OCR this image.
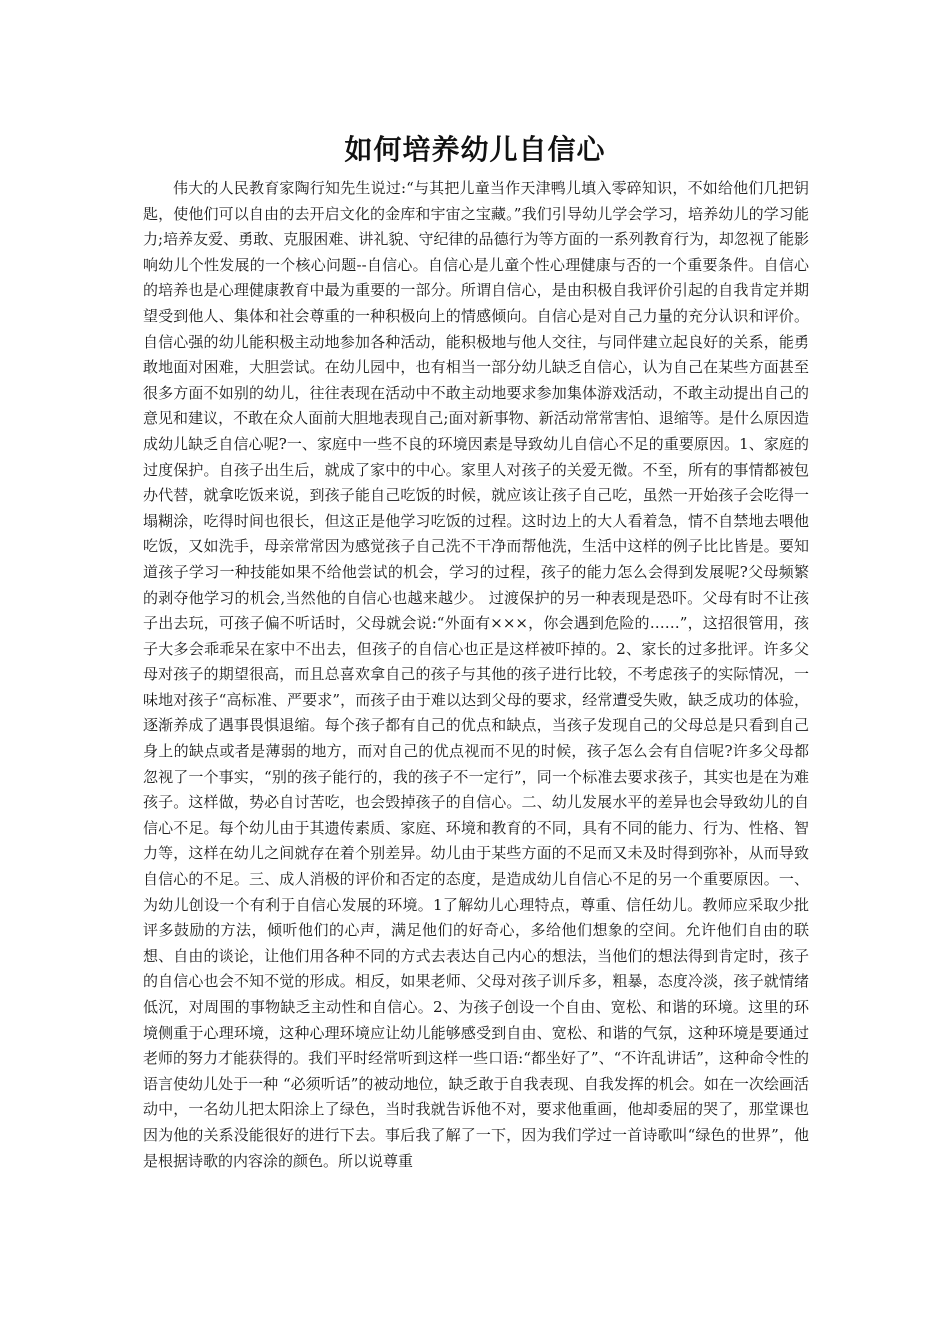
如何培养幼儿自信心

伟大的人民教育家陶行知先生说过:“与其把儿童当作天津鸭儿填入零碎知识，不如给他们几把钥匙，使他们可以自由的去开启文化的金库和宇宙之宝藏。”我们引导幼儿学会学习，培养幼儿的学习能力;培养友爱、勇敢、克服困难、讲礼貌、守纪律的品德行为等方面的一系列教育行为，却忽视了能影响幼儿个性发展的一个核心问题--自信心。自信心是儿童个性心理健康与否的一个重要条件。自信心的培养也是心理健康教育中最为重要的一部分。所谓自信心，是由积极自我评价引起的自我肯定并期望受到他人、集体和社会尊重的一种积极向上的情感倾向。自信心是对自己力量的充分认识和评价。自信心强的幼儿能积极主动地参加各种活动，能积极地与他人交往，与同伴建立起良好的关系，能勇敢地面对困难，大胆尝试。在幼儿园中，也有相当一部分幼儿缺乏自信心，认为自己在某些方面甚至很多方面不如别的幼儿，往往表现在活动中不敢主动地要求参加集体游戏活动，不敢主动提出自己的意见和建议，不敢在众人面前大胆地表现自己;面对新事物、新活动常常害怕、退缩等。是什么原因造成幼儿缺乏自信心呢?一、家庭中一些不良的环境因素是导致幼儿自信心不足的重要原因。1、家庭的过度保护。自孩子出生后，就成了家中的中心。家里人对孩子的关爱无微。不至，所有的事情都被包办代替，就拿吃饭来说，到孩子能自己吃饭的时候，就应该让孩子自己吃，虽然一开始孩子会吃得一塌糊涂，吃得时间也很长，但这正是他学习吃饭的过程。这时边上的大人看着急，情不自禁地去喂他吃饭，又如洗手，母亲常常因为感觉孩子自己洗不干净而帮他洗，生活中这样的例子比比皆是。要知道孩子学习一种技能如果不给他尝试的机会，学习的过程，孩子的能力怎么会得到发展呢?父母频繁的剥夺他学习的机会,当然他的自信心也越来越少。 过渡保护的另一种表现是恐吓。父母有时不让孩子出去玩，可孩子偏不听话时，父母就会说:“外面有×××，你会遇到危险的……”，这招很管用，孩子大多会乖乖呆在家中不出去，但孩子的自信心也正是这样被吓掉的。2、家长的过多批评。许多父母对孩子的期望很高，而且总喜欢拿自己的孩子与其他的孩子进行比较，不考虑孩子的实际情况，一味地对孩子“高标准、严要求”，而孩子由于难以达到父母的要求，经常遭受失败，缺乏成功的体验，逐渐养成了遇事畏惧退缩。每个孩子都有自己的优点和缺点，当孩子发现自己的父母总是只看到自己身上的缺点或者是薄弱的地方，而对自己的优点视而不见的时候，孩子怎么会有自信呢?许多父母都忽视了一个事实，“别的孩子能行的，我的孩子不一定行”，同一个标准去要求孩子，其实也是在为难孩子。这样做，势必自讨苦吃，也会毁掉孩子的自信心。二、幼儿发展水平的差异也会导致幼儿的自信心不足。每个幼儿由于其遗传素质、家庭、环境和教育的不同，具有不同的能力、行为、性格、智力等，这样在幼儿之间就存在着个别差异。幼儿由于某些方面的不足而又未及时得到弥补，从而导致自信心的不足。三、成人消极的评价和否定的态度，是造成幼儿自信心不足的另一个重要原因。一、为幼儿创设一个有利于自信心发展的环境。1了解幼儿心理特点，尊重、信任幼儿。教师应采取少批评多鼓励的方法，倾听他们的心声，满足他们的好奇心，多给他们想象的空间。允许他们自由的联想、自由的谈论，让他们用各种不同的方式去表达自己内心的想法，当他们的想法得到肯定时，孩子的自信心也会不知不觉的形成。相反，如果老师、父母对孩子训斥多，粗暴，态度冷淡，孩子就情绪低沉，对周围的事物缺乏主动性和自信心。2、为孩子创设一个自由、宽松、和谐的环境。这里的环境侧重于心理环境，这种心理环境应让幼儿能够感受到自由、宽松、和谐的气氛，这种环境是要通过老师的努力才能获得的。我们平时经常听到这样一些口语:“都坐好了”、“不许乱讲话”，这种命令性的语言使幼儿处于一种 “必须听话”的被动地位，缺乏敢于自我表现、自我发挥的机会。如在一次绘画活动中，一名幼儿把太阳涂上了绿色，当时我就告诉他不对，要求他重画，他却委屈的哭了，那堂课也因为他的关系没能很好的进行下去。事后我了解了一下，因为我们学过一首诗歌叫“绿色的世界”，他是根据诗歌的内容涂的颜色。所以说尊重
